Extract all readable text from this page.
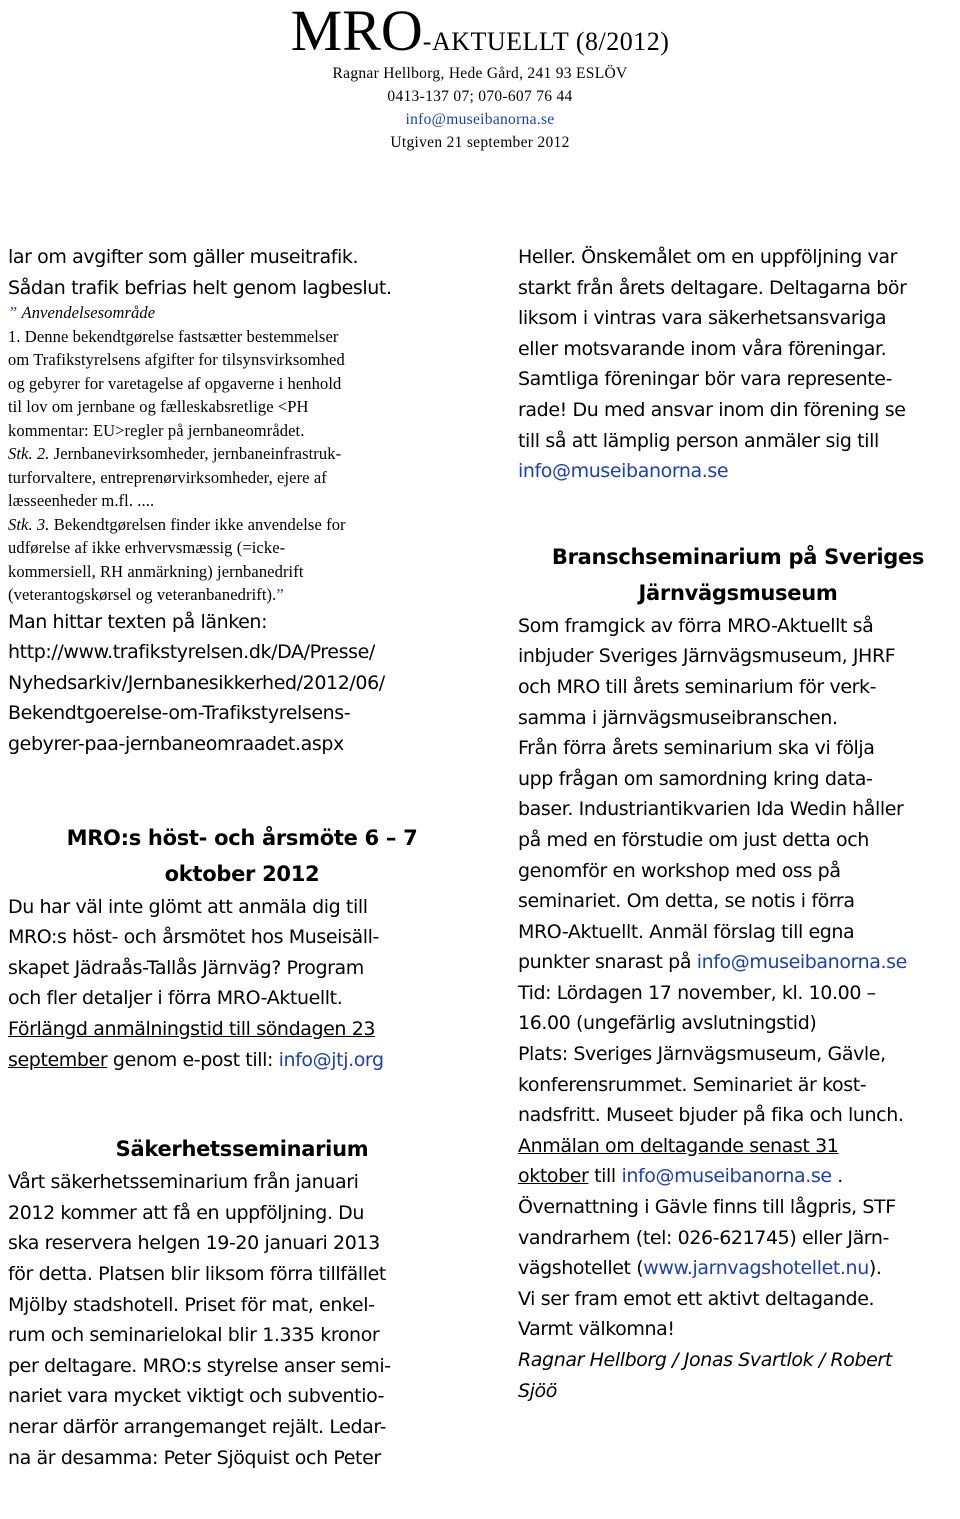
MRO-AKTUELLT (8/2012)
Ragnar Hellborg, Hede Gård, 241 93 ESLÖV
0413-137 07; 070-607 76 44
info@museibanorna.se
Utgiven 21 september 2012
lar om avgifter som gäller museitrafik.
Sådan trafik befrias helt genom lagbeslut.
” Anvendelsesområde
1. Denne bekendtgørelse fastsætter bestemmelser
om Trafikstyrelsens afgifter for tilsynsvirksomhed
og gebyrer for varetagelse af opgaverne i henhold
til lov om jernbane og fælleskabsretlige <PH
kommentar: EU>regler på jernbaneområdet.
Stk. 2. Jernbanevirksomheder, jernbaneinfrastruk-
turforvaltere, entreprenørvirksomheder, ejere af
læsseenheder m.fl. ....
Stk. 3. Bekendtgørelsen finder ikke anvendelse for
udførelse af ikke erhvervsmæssig (=icke-
kommersiell, RH anmärkning) jernbanedrift
(veterantogskørsel og veteranbanedrift).”
Man hittar texten på länken:
http://www.trafikstyrelsen.dk/DA/Presse/
Nyhedsarkiv/Jernbanesikkerhed/2012/06/
Bekendtgoerelse-om-Trafikstyrelsens-
gebyrer-paa-jernbaneomraadet.aspx
MRO:s höst- och årsmöte 6 – 7
oktober 2012
Du har väl inte glömt att anmäla dig till
MRO:s höst- och årsmötet hos Museisäll-
skapet Jädraås-Tallås Järnväg? Program
och fler detaljer i förra MRO-Aktuellt.
Förlängd anmälningstid till söndagen 23
september genom e-post till: info@jtj.org
Säkerhetsseminarium
Vårt säkerhetsseminarium från januari
2012 kommer att få en uppföljning. Du
ska reservera helgen 19-20 januari 2013
för detta. Platsen blir liksom förra tillfället
Mjölby stadshotell. Priset för mat, enkel-
rum och seminarielokal blir 1.335 kronor
per deltagare. MRO:s styrelse anser semi-
nariet vara mycket viktigt och subventio-
nerar därför arrangemanget rejält. Ledar-
na är desamma: Peter Sjöquist och Peter
Heller. Önskemålet om en uppföljning var
starkt från årets deltagare. Deltagarna bör
liksom i vintras vara säkerhetsansvariga
eller motsvarande inom våra föreningar.
Samtliga föreningar bör vara represente-
rade! Du med ansvar inom din förening se
till så att lämplig person anmäler sig till
info@museibanorna.se
Branschseminarium på Sveriges
Järnvägsmuseum
Som framgick av förra MRO-Aktuellt så
inbjuder Sveriges Järnvägsmuseum, JHRF
och MRO till årets seminarium för verk-
samma i järnvägsmuseibranschen.
Från förra årets seminarium ska vi följa
upp frågan om samordning kring data-
baser. Industriantikvarien Ida Wedin håller
på med en förstudie om just detta och
genomför en workshop med oss på
seminariet. Om detta, se notis i förra
MRO-Aktuellt. Anmäl förslag till egna
punkter snarast på info@museibanorna.se
Tid: Lördagen 17 november, kl. 10.00 –
16.00 (ungefärlig avslutningstid)
Plats: Sveriges Järnvägsmuseum, Gävle,
konferensrummet. Seminariet är kost-
nadsfritt. Museet bjuder på fika och lunch.
Anmälan om deltagande senast 31
oktober till info@museibanorna.se .
Övernattning i Gävle finns till lågpris, STF
vandrarhem (tel: 026-621745) eller Järn-
vägshotellet (www.jarnvagshotellet.nu).
Vi ser fram emot ett aktivt deltagande.
Varmt välkomna!
Ragnar Hellborg / Jonas Svartlok / Robert
Sjöö
